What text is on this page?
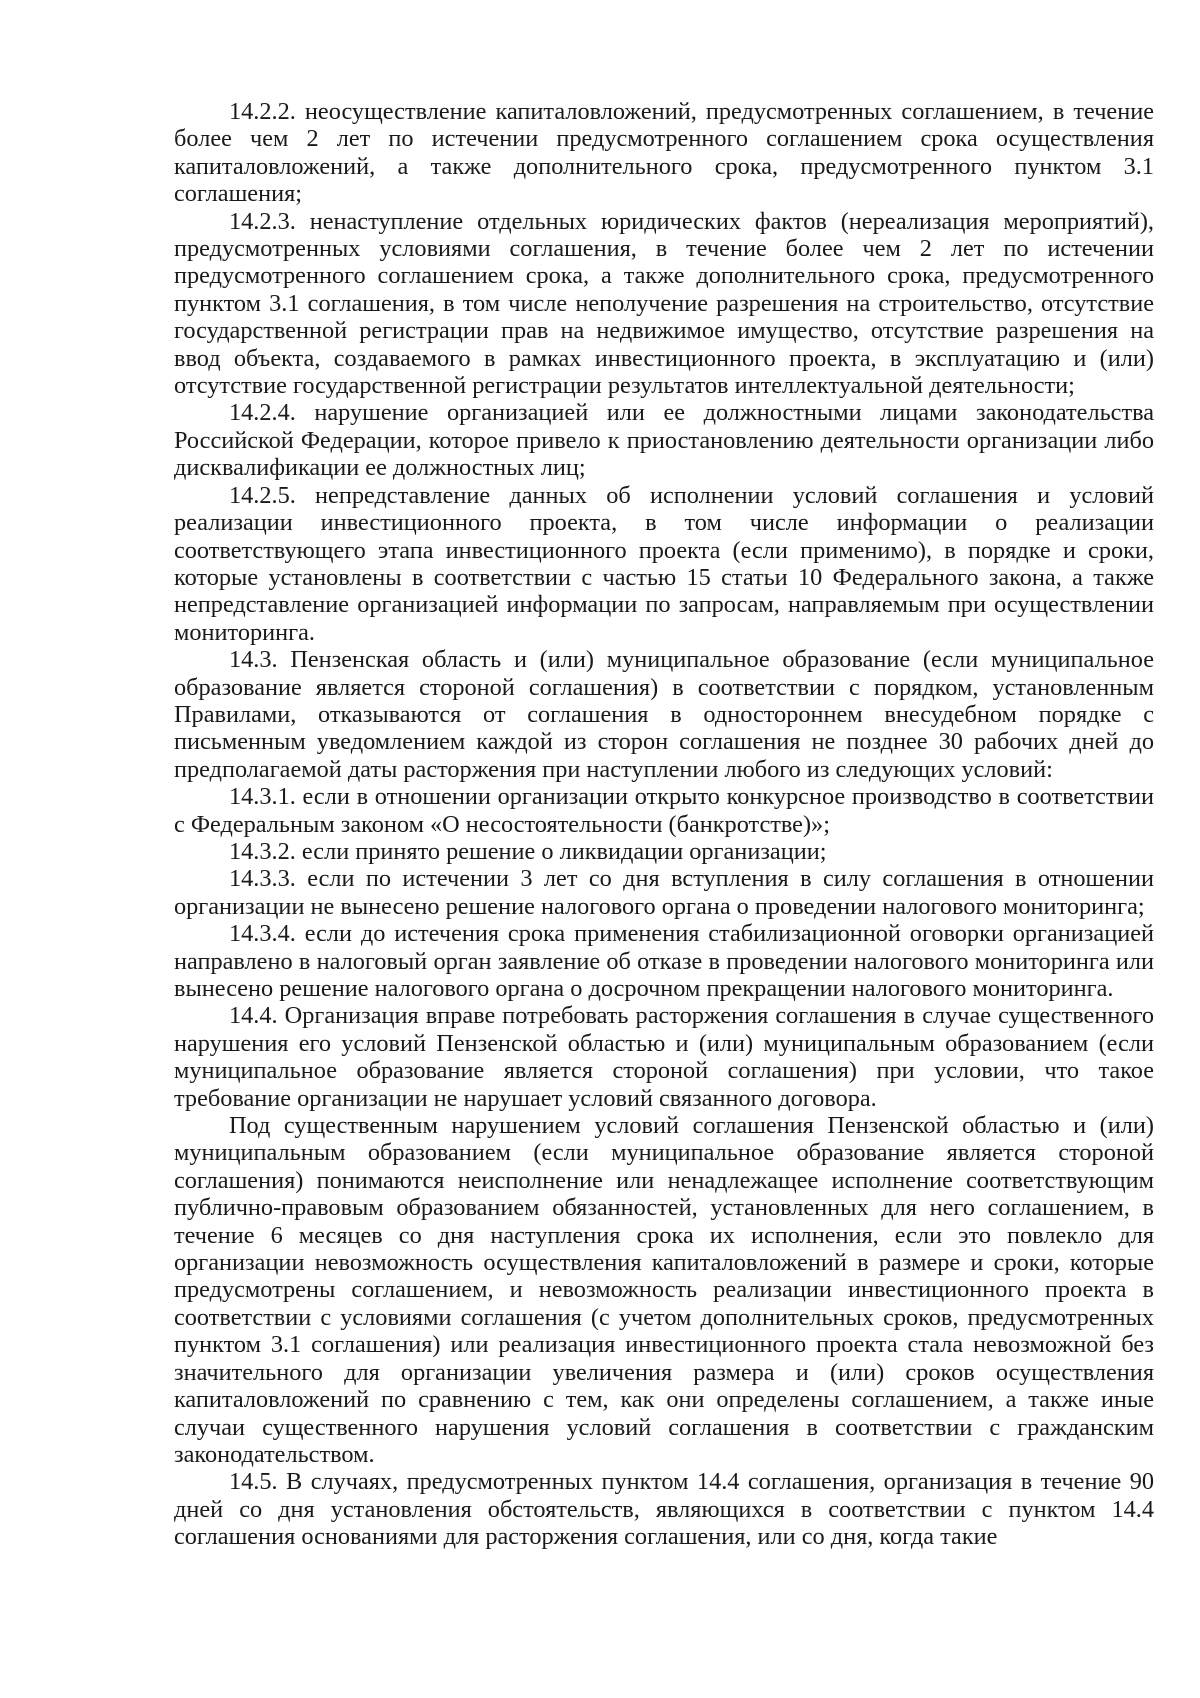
14.2.2. неосуществление капиталовложений, предусмотренных соглашением, в течение более чем 2 лет по истечении предусмотренного соглашением срока осуществления капиталовложений, а также дополнительного срока, предусмотренного пунктом 3.1 соглашения;

14.2.3. ненаступление отдельных юридических фактов (нереализация мероприятий), предусмотренных условиями соглашения, в течение более чем 2 лет по истечении предусмотренного соглашением срока, а также дополнительного срока, предусмотренного пунктом 3.1 соглашения, в том числе неполучение разрешения на строительство, отсутствие государственной регистрации прав на недвижимое имущество, отсутствие разрешения на ввод объекта, создаваемого в рамках инвестиционного проекта, в эксплуатацию и (или) отсутствие государственной регистрации результатов интеллектуальной деятельности;

14.2.4. нарушение организацией или ее должностными лицами законодательства Российской Федерации, которое привело к приостановлению деятельности организации либо дисквалификации ее должностных лиц;

14.2.5. непредставление данных об исполнении условий соглашения и условий реализации инвестиционного проекта, в том числе информации о реализации соответствующего этапа инвестиционного проекта (если применимо), в порядке и сроки, которые установлены в соответствии с частью 15 статьи 10 Федерального закона, а также непредставление организацией информации по запросам, направляемым при осуществлении мониторинга.

14.3. Пензенская область и (или) муниципальное образование (если муниципальное образование является стороной соглашения) в соответствии с порядком, установленным Правилами, отказываются от соглашения в одностороннем внесудебном порядке с письменным уведомлением каждой из сторон соглашения не позднее 30 рабочих дней до предполагаемой даты расторжения при наступлении любого из следующих условий:

14.3.1. если в отношении организации открыто конкурсное производство в соответствии с Федеральным законом «О несостоятельности (банкротстве)»;

14.3.2. если принято решение о ликвидации организации;

14.3.3. если по истечении 3 лет со дня вступления в силу соглашения в отношении организации не вынесено решение налогового органа о проведении налогового мониторинга;

14.3.4. если до истечения срока применения стабилизационной оговорки организацией направлено в налоговый орган заявление об отказе в проведении налогового мониторинга или вынесено решение налогового органа о досрочном прекращении налогового мониторинга.

14.4. Организация вправе потребовать расторжения соглашения в случае существенного нарушения его условий Пензенской областью и (или) муниципальным образованием (если муниципальное образование является стороной соглашения) при условии, что такое требование организации не нарушает условий связанного договора.

Под существенным нарушением условий соглашения Пензенской областью и (или) муниципальным образованием (если муниципальное образование является стороной соглашения) понимаются неисполнение или ненадлежащее исполнение соответствующим публично-правовым образованием обязанностей, установленных для него соглашением, в течение 6 месяцев со дня наступления срока их исполнения, если это повлекло для организации невозможность осуществления капиталовложений в размере и сроки, которые предусмотрены соглашением, и невозможность реализации инвестиционного проекта в соответствии с условиями соглашения (с учетом дополнительных сроков, предусмотренных пунктом 3.1 соглашения) или реализация инвестиционного проекта стала невозможной без значительного для организации увеличения размера и (или) сроков осуществления капиталовложений по сравнению с тем, как они определены соглашением, а также иные случаи существенного нарушения условий соглашения в соответствии с гражданским законодательством.

14.5. В случаях, предусмотренных пунктом 14.4 соглашения, организация в течение 90 дней со дня установления обстоятельств, являющихся в соответствии с пунктом 14.4 соглашения основаниями для расторжения соглашения, или со дня, когда такие
